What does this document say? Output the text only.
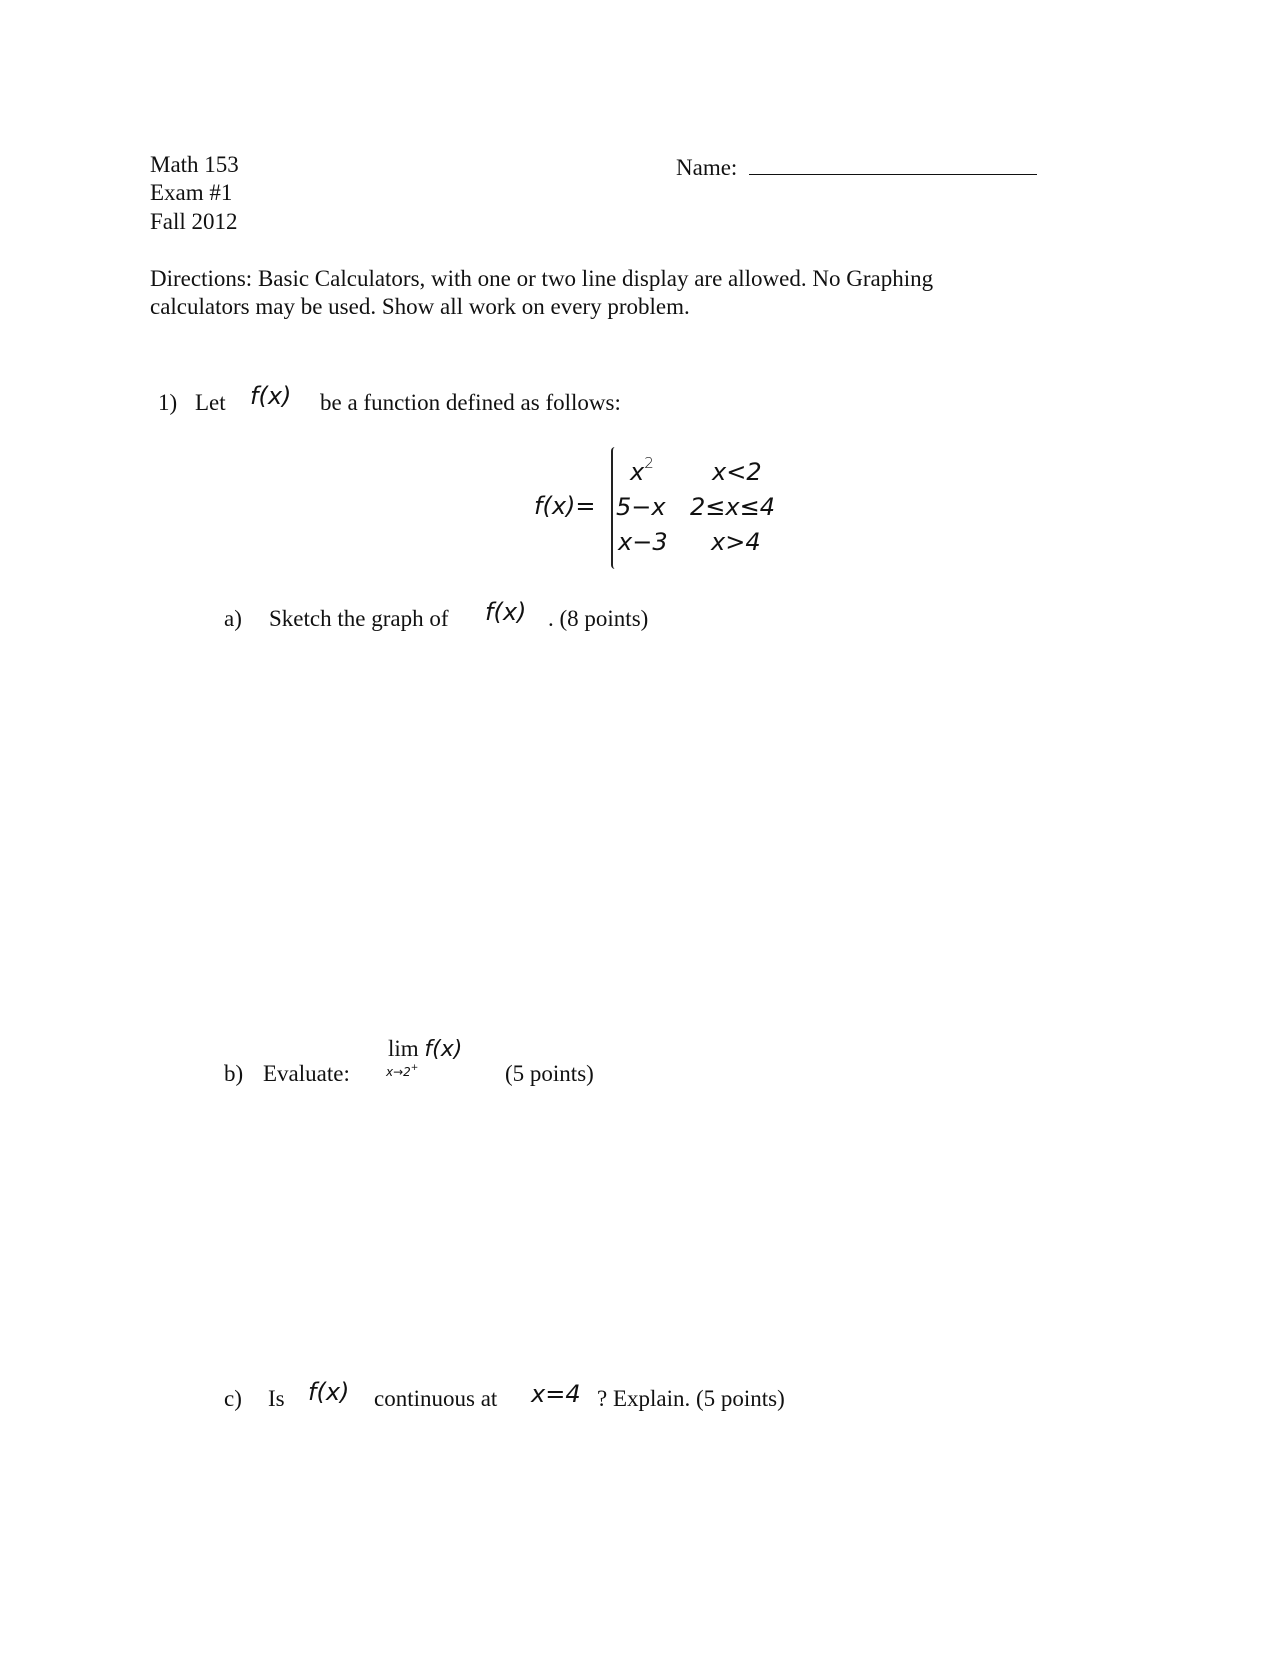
Math 153
Exam #1
Fall 2012
Name:
Directions: Basic Calculators, with one or two line display are allowed. No Graphing
calculators may be used. Show all work on every problem.
1) Let f(x) be a function defined as follows:
f(x)=
$x^2$ x<2
5−x 2≤x≤4
x−3 x>4
a) Sketch the graph of f(x) . (8 points)
b) Evaluate:
lim f(x)
x→2+	(5 points)
c) Is f(x) continuous at x=4 ? Explain. (5 points)
